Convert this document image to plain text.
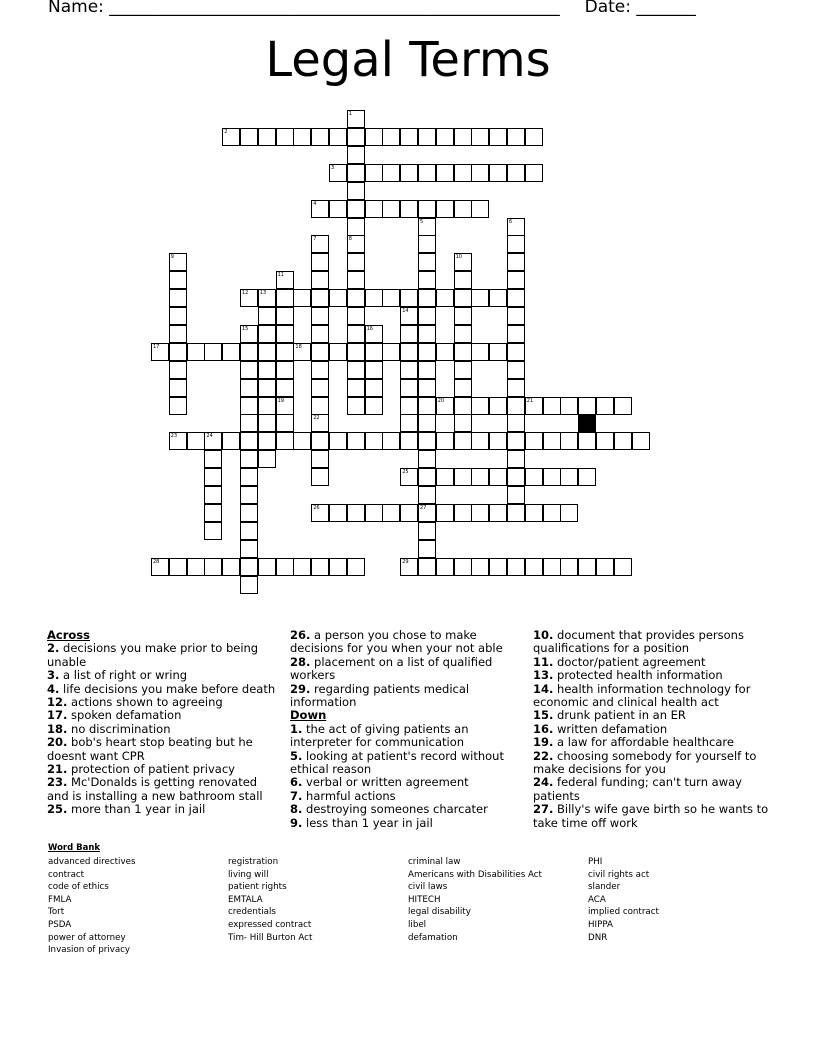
Name: _____________________________________________________ Date: _______
Legal Terms
1
2
3
4
5	6
7	8
9	10
11
12 13
14
15	16
17	18
19	20	21
22
23	24
25
26	27
28	29

Across

2. decisions you make prior to being unable

3. a list of right or wring

4. life decisions you make before death

12. actions shown to agreeing

17. spoken defamation

18. no discrimination

20. bob's heart stop beating but he doesnt want CPR

21. protection of patient privacy

23. Mc'Donalds is getting renovated and is installing a new bathroom stall

25. more than 1 year in jail

26. a person you chose to make decisions for you when your not able

28. placement on a list of qualified workers

29. regarding patients medical information

Down

1. the act of giving patients an interpreter for communication

5. looking at patient's record without ethical reason

6. verbal or written agreement

7. harmful actions

8. destroying someones charcater

9. less than 1 year in jail

10. document that provides persons qualifications for a position

11. doctor/patient agreement

13. protected health information

14. health information technology for economic and clinical health act

15. drunk patient in an ER

16. written defamation

19. a law for affordable healthcare

22. choosing somebody for yourself to make decisions for you

24. federal funding; can't turn away patients

27. Billy's wife gave birth so he wants to take time off work

Word Bank
advanced directives
contract
code of ethics
FMLA
Tort
PSDA
power of attorney
Invasion of privacy
registration
living will
patient rights
EMTALA
credentials
expressed contract
Tim- Hill Burton Act
criminal law
Americans with Disabilities Act
civil laws
HITECH
legal disability
libel
defamation
PHI
civil rights act
slander
ACA
implied contract
HIPPA
DNR
